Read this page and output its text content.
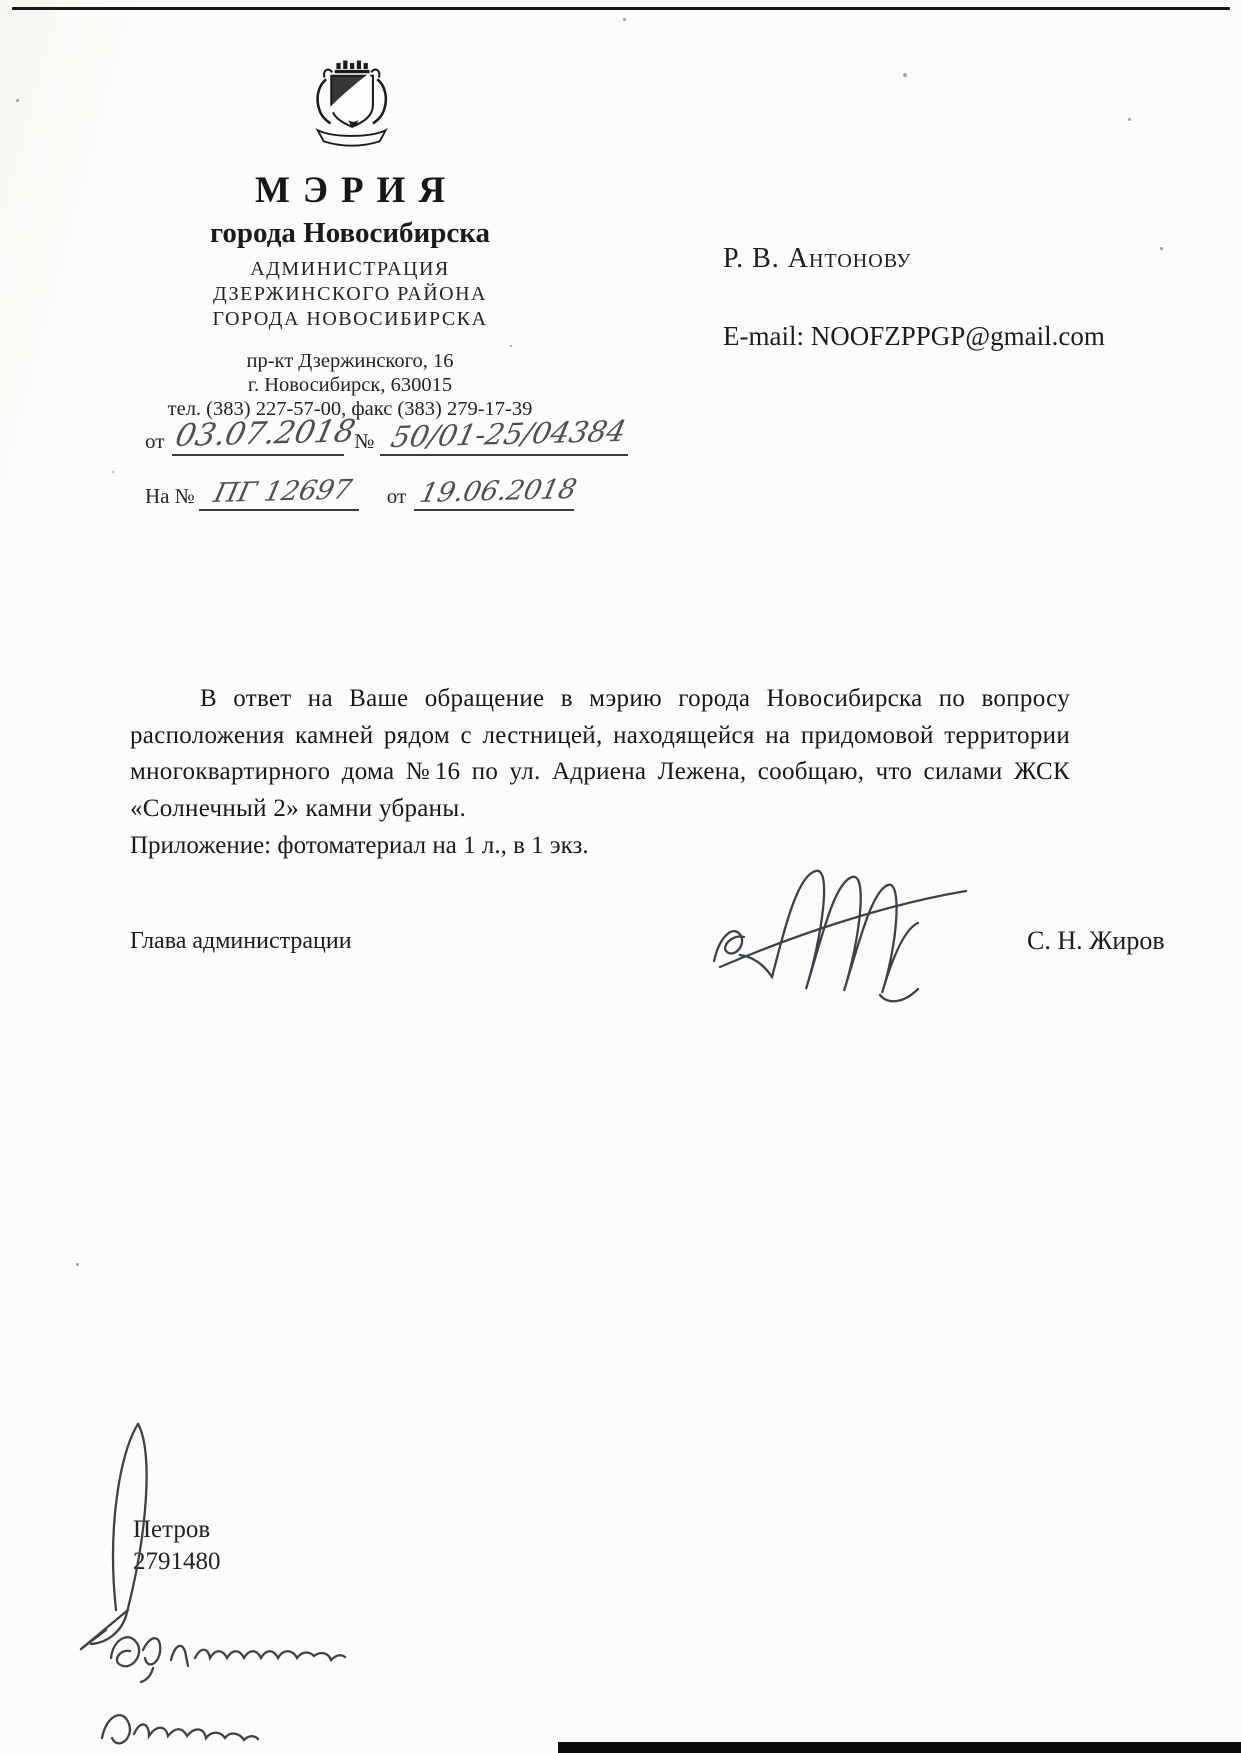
МЭРИЯ
города Новосибирска
АДМИНИСТРАЦИЯ
ДЗЕРЖИНСКОГО РАЙОНА
ГОРОДА НОВОСИБИРСКА
пр-кт Дзержинского, 16
г. Новосибирск, 630015
тел. (383) 227-57-00, факс (383) 279-17-39
от 03.07.2018
№ 50/01-25/04384
На № ПГ 12697 от 19.06.2018
Р. В. Антонову
E-mail: NOOFZPPGP@gmail.com

В ответ на Ваше обращение в мэрию города Новосибирска по вопросу расположения камней рядом с лестницей, находящейся на придомовой территории многоквартирного дома №16 по ул. Адриена Лежена, сообщаю, что силами ЖСК «Солнечный 2» камни убраны.

Приложение: фотоматериал на 1 л., в 1 экз.
Глава администрации	С. Н. Жиров
Петров
2791480
